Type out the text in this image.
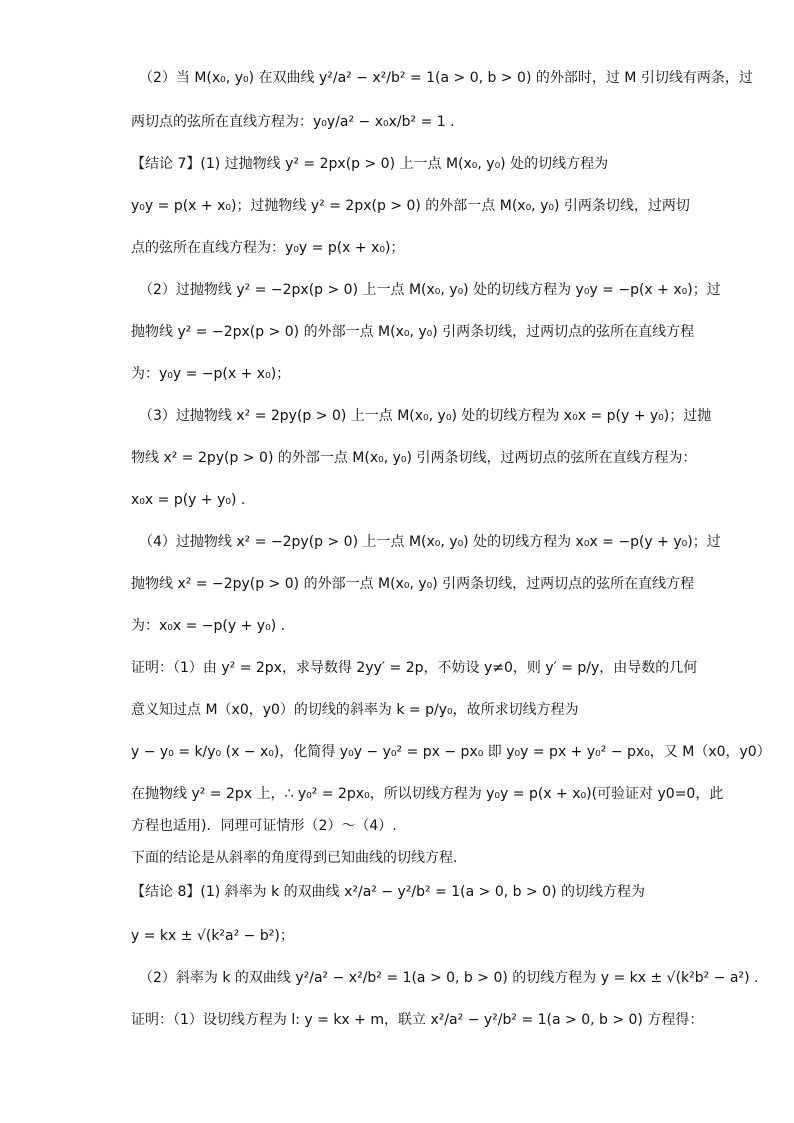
（2）当 M(x₀, y₀) 在双曲线 y²/a² − x²/b² = 1(a > 0, b > 0) 的外部时，过 M 引切线有两条，过
两切点的弦所在直线方程为：y₀y/a² − x₀x/b² = 1 .
【结论 7】(1) 过抛物线 y² = 2px(p > 0) 上一点 M(x₀, y₀) 处的切线方程为
y₀y = p(x + x₀)；过抛物线 y² = 2px(p > 0) 的外部一点 M(x₀, y₀) 引两条切线，过两切
点的弦所在直线方程为：y₀y = p(x + x₀)；
（2）过抛物线 y² = −2px(p > 0) 上一点 M(x₀, y₀) 处的切线方程为 y₀y = −p(x + x₀)；过
抛物线 y² = −2px(p > 0) 的外部一点 M(x₀, y₀) 引两条切线，过两切点的弦所在直线方程
为：y₀y = −p(x + x₀)；
（3）过抛物线 x² = 2py(p > 0) 上一点 M(x₀, y₀) 处的切线方程为 x₀x = p(y + y₀)；过抛
物线 x² = 2py(p > 0) 的外部一点 M(x₀, y₀) 引两条切线，过两切点的弦所在直线方程为：
x₀x = p(y + y₀) .
（4）过抛物线 x² = −2py(p > 0) 上一点 M(x₀, y₀) 处的切线方程为 x₀x = −p(y + y₀)；过
抛物线 x² = −2py(p > 0) 的外部一点 M(x₀, y₀) 引两条切线，过两切点的弦所在直线方程
为：x₀x = −p(y + y₀) .
证明：（1）由 y² = 2px，求导数得 2yy′ = 2p，不妨设 y≠0，则 y′ = p/y，由导数的几何
意义知过点 M（x0，y0）的切线的斜率为 k = p/y₀，故所求切线方程为
y − y₀ = k/y₀ (x − x₀)，化简得 y₀y − y₀² = px − px₀ 即 y₀y = px + y₀² − px₀，又 M（x0，y0）
在抛物线 y² = 2px 上，∴ y₀² = 2px₀，所以切线方程为 y₀y = p(x + x₀)(可验证对 y0=0，此
方程也适用)．同理可证情形（2）～（4）.
下面的结论是从斜率的角度得到已知曲线的切线方程．
【结论 8】(1) 斜率为 k 的双曲线 x²/a² − y²/b² = 1(a > 0, b > 0) 的切线方程为
y = kx ± √(k²a² − b²)；
（2）斜率为 k 的双曲线 y²/a² − x²/b² = 1(a > 0, b > 0) 的切线方程为 y = kx ± √(k²b² − a²) .
证明：（1）设切线方程为 l: y = kx + m，联立 x²/a² − y²/b² = 1(a > 0, b > 0) 方程得：
